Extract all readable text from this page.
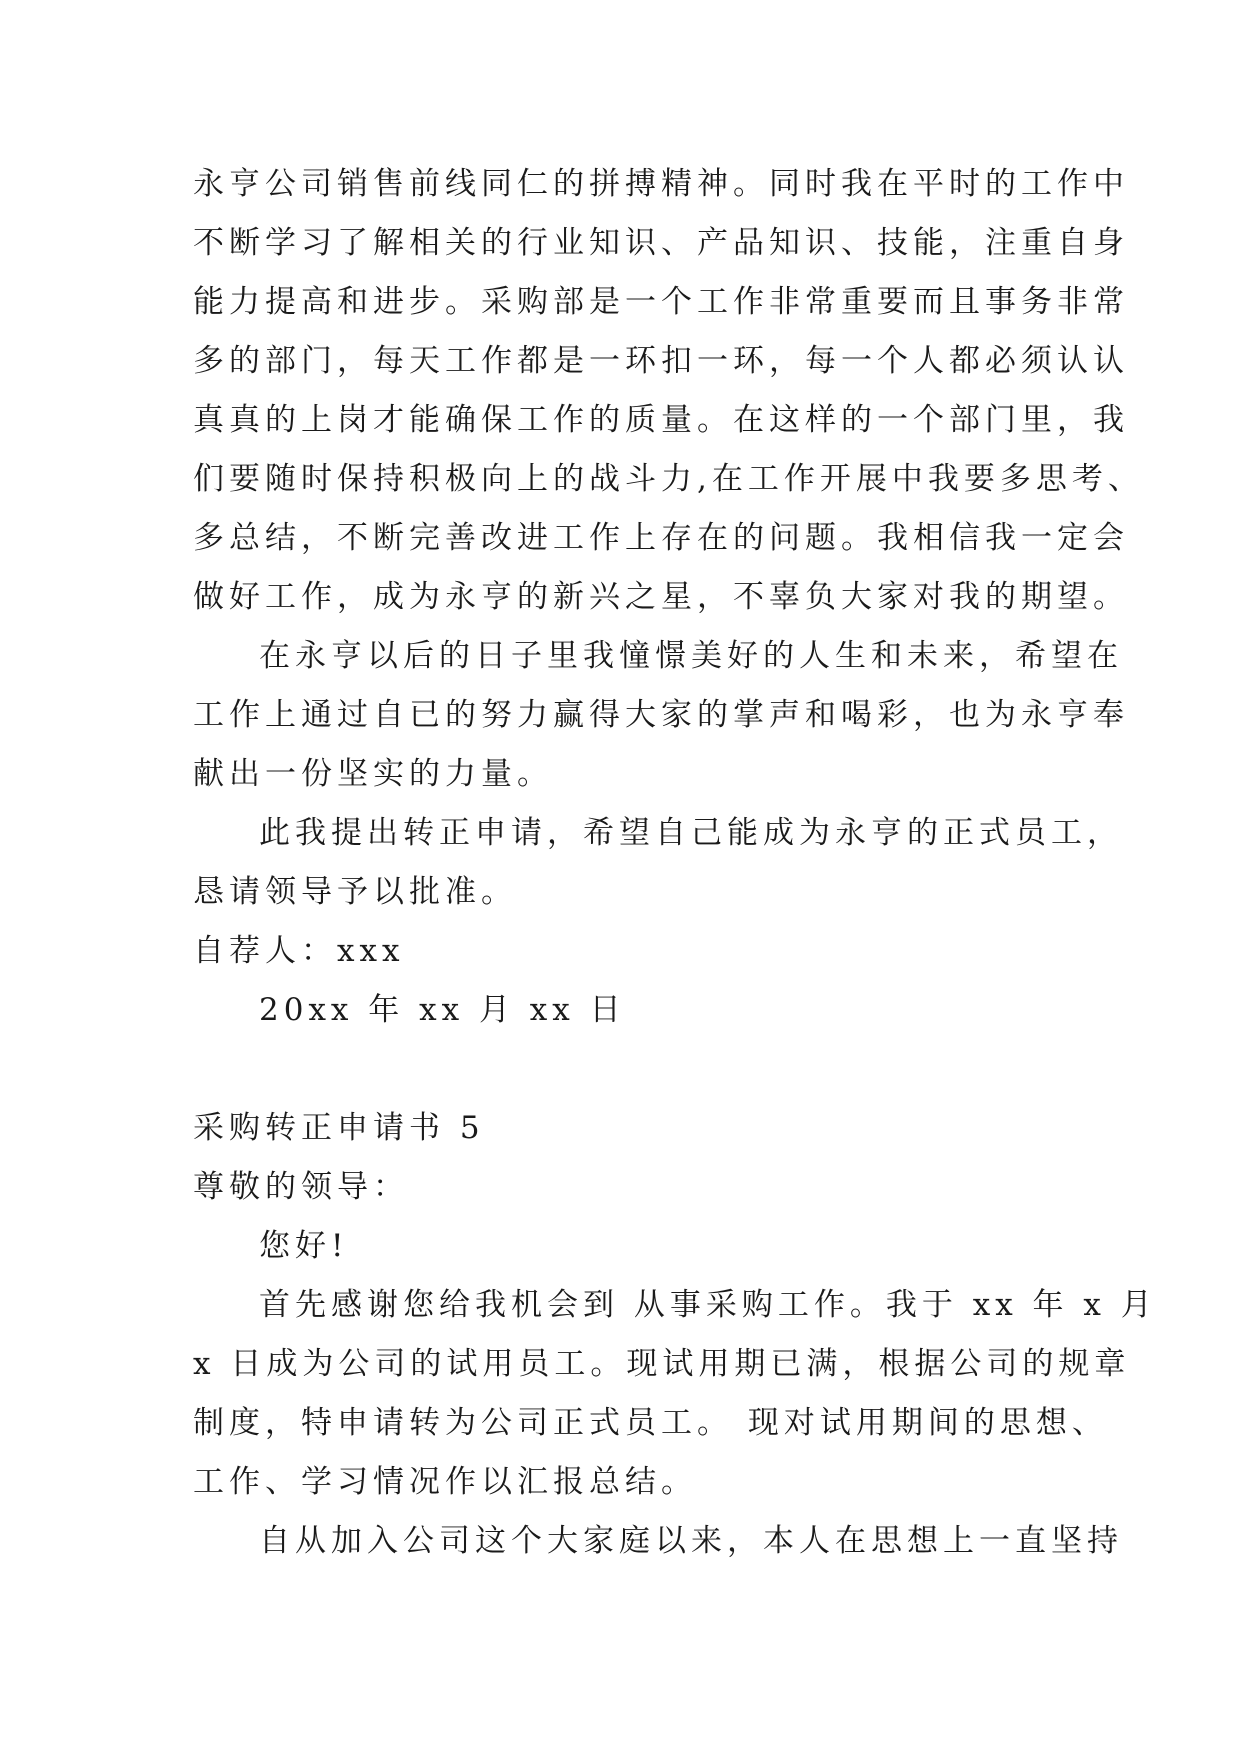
永亨公司销售前线同仁的拼搏精神。同时我在平时的工作中
不断学习了解相关的行业知识、产品知识、技能，注重自身
能力提高和进步。采购部是一个工作非常重要而且事务非常
多的部门，每天工作都是一环扣一环，每一个人都必须认认
真真的上岗才能确保工作的质量。在这样的一个部门里，我
们要随时保持积极向上的战斗力,在工作开展中我要多思考、
多总结，不断完善改进工作上存在的问题。我相信我一定会
做好工作，成为永亨的新兴之星，不辜负大家对我的期望。
在永亨以后的日子里我憧憬美好的人生和未来，希望在
工作上通过自已的努力赢得大家的掌声和喝彩，也为永亨奉
献出一份坚实的力量。
此我提出转正申请，希望自己能成为永亨的正式员工，
恳请领导予以批准。
自荐人：xxx
20xx 年 xx 月 xx 日
采购转正申请书 5
尊敬的领导：
您好!
首先感谢您给我机会到 从事采购工作。我于 xx 年 x 月
x 日成为公司的试用员工。现试用期已满，根据公司的规章
制度，特申请转为公司正式员工。 现对试用期间的思想、
工作、学习情况作以汇报总结。
自从加入公司这个大家庭以来，本人在思想上一直坚持
